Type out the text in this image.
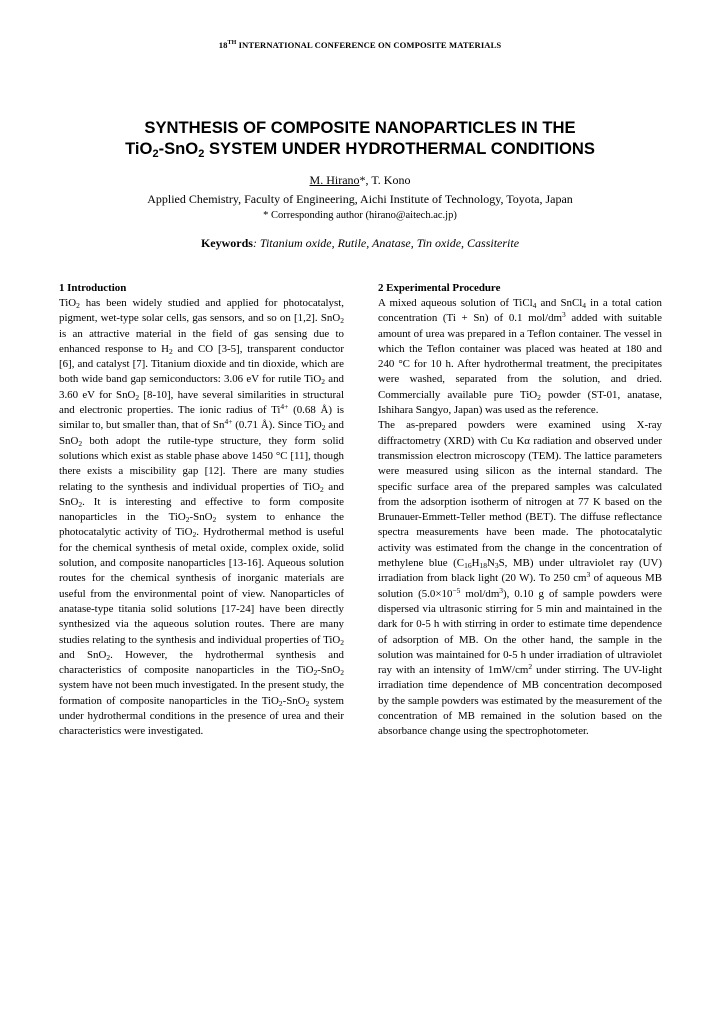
18TH INTERNATIONAL CONFERENCE ON COMPOSITE MATERIALS
SYNTHESIS OF COMPOSITE NANOPARTICLES IN THE
TiO$_2$-SnO$_2$ SYSTEM UNDER HYDROTHERMAL CONDITIONS
M. Hirano*, T. Kono
Applied Chemistry, Faculty of Engineering, Aichi Institute of Technology, Toyota, Japan
* Corresponding author (hirano@aitech.ac.jp)
Keywords: Titanium oxide, Rutile, Anatase, Tin oxide, Cassiterite
1 Introduction

TiO$_2$ has been widely studied and applied for photocatalyst, pigment, wet-type solar cells, gas sensors, and so on [1,2]. SnO$_2$ is an attractive material in the field of gas sensing due to enhanced response to $H_2$ and CO [3-5], transparent conductor [6], and catalyst [7]. Titanium dioxide and tin dioxide, which are both wide band gap semiconductors: 3.06 eV for rutile TiO$_2$ and 3.60 eV for SnO$_2$ [8-10], have several similarities in structural and electronic properties. The ionic radius of $Ti^{4+}$ (0.68 Å) is similar to, but smaller than, that of $Sn^{4+}$ (0.71 Å). Since TiO$_2$ and SnO$_2$ both adopt the rutile-type structure, they form solid solutions which exist as stable phase above 1450 °C [11], though there exists a miscibility gap [12]. There are many studies relating to the synthesis and individual properties of TiO$_2$ and SnO$_2$. It is interesting and effective to form composite nanoparticles in the TiO$_2$-SnO$_2$ system to enhance the photocatalytic activity of TiO$_2$. Hydrothermal method is useful for the chemical synthesis of metal oxide, complex oxide, solid solution, and composite nanoparticles [13-16]. Aqueous solution routes for the chemical synthesis of inorganic materials are useful from the environmental point of view. Nanoparticles of anatase-type titania solid solutions [17-24] have been directly synthesized via the aqueous solution routes. There are many studies relating to the synthesis and individual properties of TiO$_2$ and SnO$_2$. However, the hydrothermal synthesis and characteristics of composite nanoparticles in the TiO$_2$-SnO$_2$ system have not been much investigated. In the present study, the formation of composite nanoparticles in the TiO$_2$-SnO$_2$ system under hydrothermal conditions in the presence of urea and their characteristics were investigated.

2 Experimental Procedure

A mixed aqueous solution of TiCl$_4$ and SnCl$_4$ in a total cation concentration (Ti + Sn) of 0.1 mol/$dm^3$ added with suitable amount of urea was prepared in a Teflon container. The vessel in which the Teflon container was placed was heated at 180 and 240 °C for 10 h. After hydrothermal treatment, the precipitates were washed, separated from the solution, and dried. Commercially available pure TiO$_2$ powder (ST-01, anatase, Ishihara Sangyo, Japan) was used as the reference.

The as-prepared powders were examined using X-ray diffractometry (XRD) with Cu Kα radiation and observed under transmission electron microscopy (TEM). The lattice parameters were measured using silicon as the internal standard. The specific surface area of the prepared samples was calculated from the adsorption isotherm of nitrogen at 77 K based on the Brunauer-Emmett-Teller method (BET). The diffuse reflectance spectra measurements have been made. The photocatalytic activity was estimated from the change in the concentration of methylene blue ($C_{16}H_{18}N_3S$, MB) under ultraviolet ray (UV) irradiation from black light (20 W). To 250 $cm^3$ of aqueous MB solution ($5.0\times 10^{-5}$ mol/$dm^3$), 0.10 g of sample powders were dispersed via ultrasonic stirring for 5 min and maintained in the dark for 0-5 h with stirring in order to estimate time dependence of adsorption of MB. On the other hand, the sample in the solution was maintained for 0-5 h under irradiation of ultraviolet ray with an intensity of $1mW/cm^2$ under stirring. The UV-light irradiation time dependence of MB concentration decomposed by the sample powders was estimated by the measurement of the concentration of MB remained in the solution based on the absorbance change using the spectrophotometer.
